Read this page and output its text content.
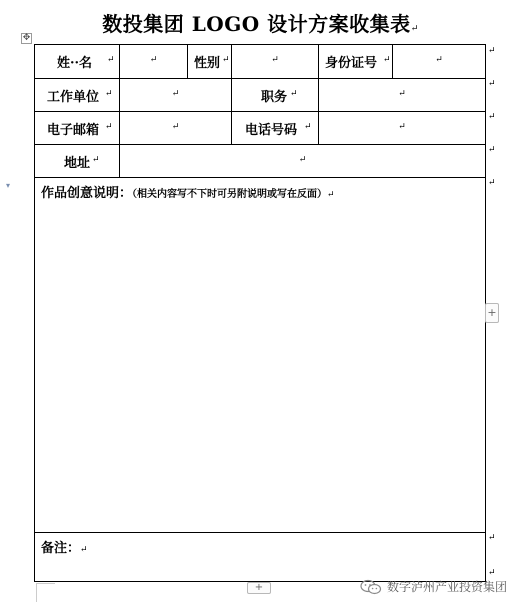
数投集团 LOGO 设计方案收集表↵
✥
▾
姓··名 ↵	↵	性别 ↵	↵	身份证号 ↵	↵
工作单位 ↵	↵	职务 ↵	↵
电子邮箱 ↵	↵	电话号码 ↵	↵
地址 ↵	↵
作品创意说明：（相关内容写不下时可另附说明或写在反面）↵
备注：↵
↵
↵
↵
↵
↵
↵
↵
+
+	数字泸州产业投资集团
